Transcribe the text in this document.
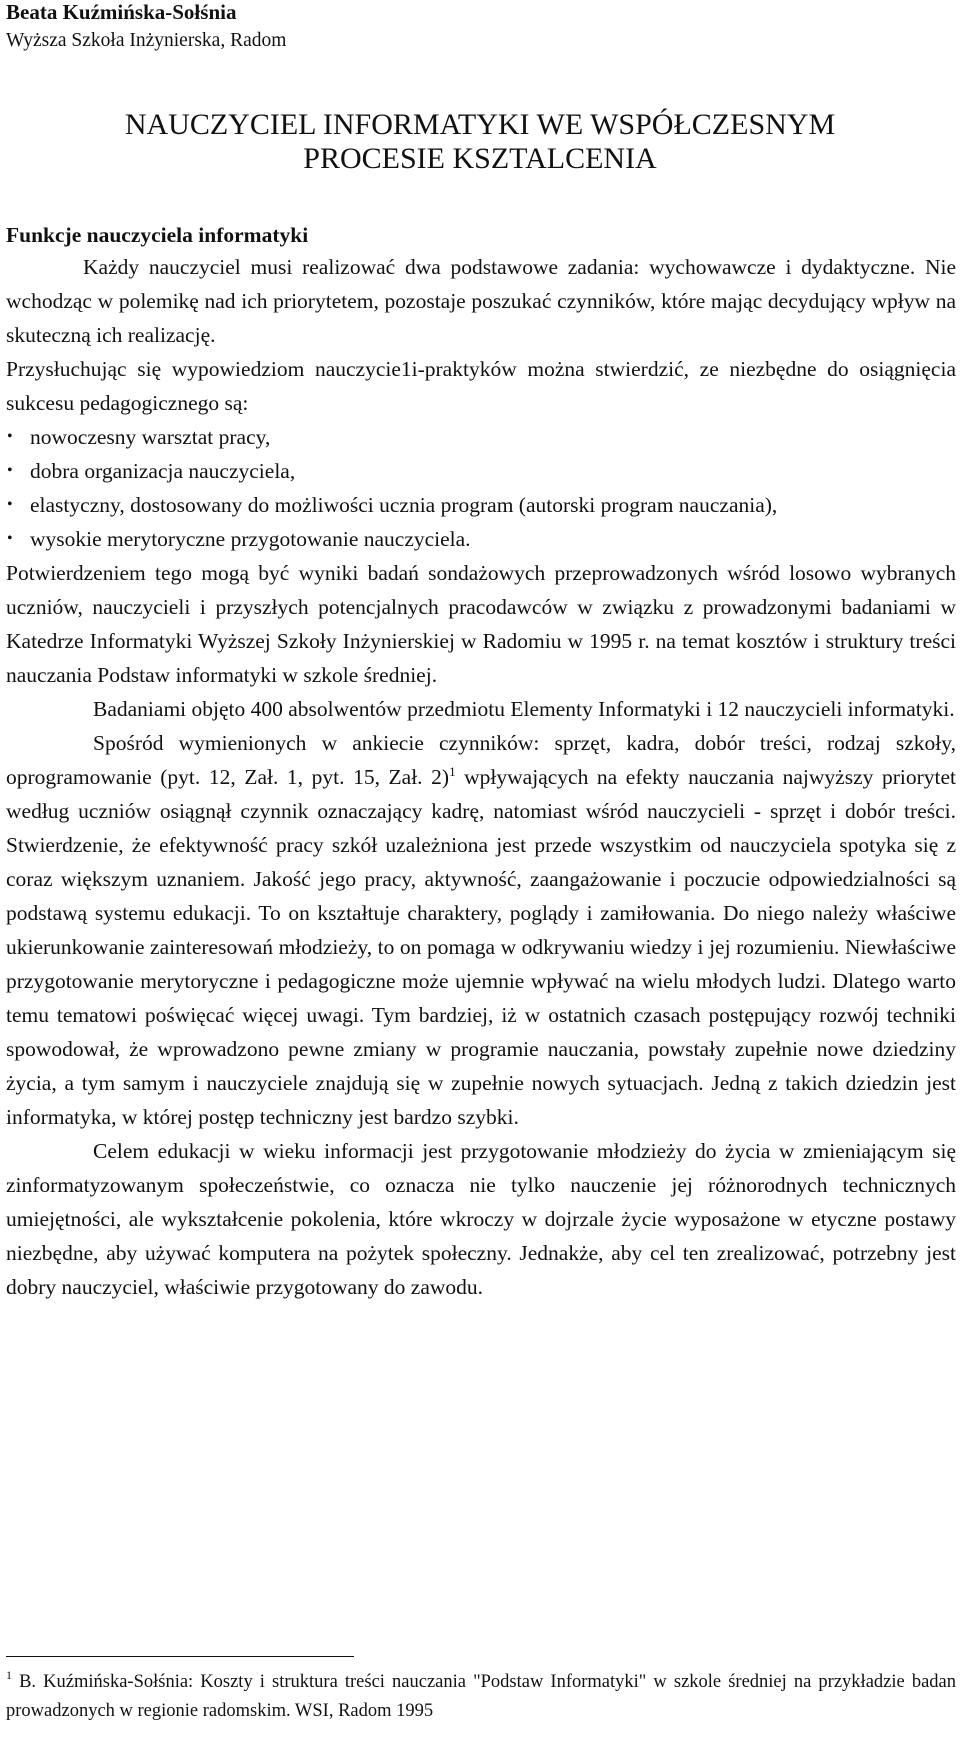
Beata Kuźmińska-Sołśnia
Wyższa Szkoła Inżynierska, Radom
NAUCZYCIEL INFORMATYKI WE WSPÓŁCZESNYM
PROCESIE KSZTALCENIA
Funkcje nauczyciela informatyki

Każdy nauczyciel musi realizować dwa podstawowe zadania: wychowawcze i dydaktyczne. Nie wchodząc w polemikę nad ich priorytetem, pozostaje poszukać czynników, które mając decydujący wpływ na skuteczną ich realizację.

Przysłuchując się wypowiedziom nauczycie1i-praktyków można stwierdzić, ze niezbędne do osiągnięcia sukcesu pedagogicznego są:

• nowoczesny warsztat pracy,
• dobra organizacja nauczyciela,
• elastyczny, dostosowany do możliwości ucznia program (autorski program nauczania),
• wysokie merytoryczne przygotowanie nauczyciela.

Potwierdzeniem tego mogą być wyniki badań sondażowych przeprowadzonych wśród losowo wybranych uczniów, nauczycieli i przyszłych potencjalnych pracodawców w związku z prowadzonymi badaniami w Katedrze Informatyki Wyższej Szkoły Inżynierskiej w Radomiu w 1995 r. na temat kosztów i struktury treści nauczania Podstaw informatyki w szkole średniej.

Badaniami objęto 400 absolwentów przedmiotu Elementy Informatyki i 12 nauczycieli informatyki.

Spośród wymienionych w ankiecie czynników: sprzęt, kadra, dobór treści, rodzaj szkoły, oprogramowanie (pyt. 12, Zał. 1, pyt. 15, Zał. 2)$^1$ wpływających na efekty nauczania najwyższy priorytet według uczniów osiągnął czynnik oznaczający kadrę, natomiast wśród nauczycieli - sprzęt i dobór treści. Stwierdzenie, że efektywność pracy szkół uzależniona jest przede wszystkim od nauczyciela spotyka się z coraz większym uznaniem. Jakość jego pracy, aktywność, zaangażowanie i poczucie odpowiedzialności są podstawą systemu edukacji. To on kształtuje charaktery, poglądy i zamiłowania. Do niego należy właściwe ukierunkowanie zainteresowań młodzieży, to on pomaga w odkrywaniu wiedzy i jej rozumieniu. Niewłaściwe przygotowanie merytoryczne i pedagogiczne może ujemnie wpływać na wielu młodych ludzi. Dlatego warto temu tematowi poświęcać więcej uwagi. Tym bardziej, iż w ostatnich czasach postępujący rozwój techniki spowodował, że wprowadzono pewne zmiany w programie nauczania, powstały zupełnie nowe dziedziny życia, a tym samym i nauczyciele znajdują się w zupełnie nowych sytuacjach. Jedną z takich dziedzin jest informatyka, w której postęp techniczny jest bardzo szybki.

Celem edukacji w wieku informacji jest przygotowanie młodzieży do życia w zmieniającym się zinformatyzowanym społeczeństwie, co oznacza nie tylko nauczenie jej różnorodnych technicznych umiejętności, ale wykształcenie pokolenia, które wkroczy w dojrzale życie wyposażone w etyczne postawy niezbędne, aby używać komputera na pożytek społeczny. Jednakże, aby cel ten zrealizować, potrzebny jest dobry nauczyciel, właściwie przygotowany do zawodu.

$^1$ B. Kuźmińska-Sołśnia: Koszty i struktura treści nauczania "Podstaw Informatyki" w szkole średniej na przykładzie badan prowadzonych w regionie radomskim. WSI, Radom 1995
